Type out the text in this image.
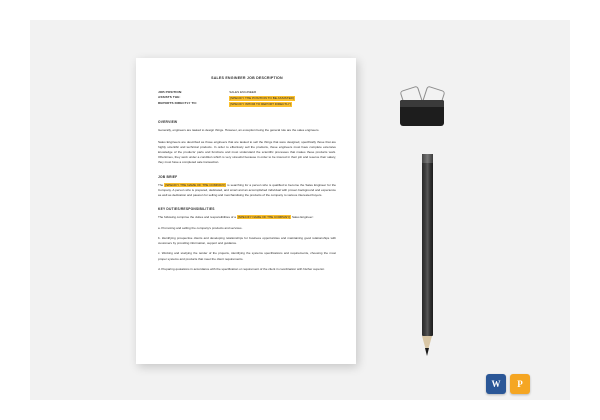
SALES ENGINEER JOB DESCRIPTION
JOB POSITION:	SALES ENGINEER
ASSISTS THE:	[SPECIFY THE POSITION TO BE ASSISTED]
REPORTS DIRECTLY TO:	[SPECIFY WHOM TO REPORT DIRECTLY]
OVERVIEW

Generally, engineers are tasked to design things. However, an exception being the general rule are the sales engineers.

Sales Engineers are described as those engineers that are tasked to sell the things that were designed, specifically those that are highly scientific and technical products. In order to effectively sell the products, these engineers must have complete extensive knowledge of the products' parts and functions and must understand the scientific processes that makes these products work. Oftentimes, they work under a condition which is very stressful because in order to be insured in their job and reserve their salary, they must have a completed sale transaction.

JOB BRIEF

The [SPECIFY THE NAME OF THE COMPANY] is searching for a person who is qualified to become the Sales Engineer for the Company. A person who is prepared, dedicated, and smart and an accomplished individual with proven background and experience as well as dedication and passion for selling and merchandising the products of the company to various interested buyers.

KEY DUTIES/RESPONSIBILITIES

The following comprise the duties and responsibilities of a [SPECIFY NAME OF THE COMPANY] Sales Engineer:

a. Promoting and selling the company's products and services.

b. Identifying prospective clients and developing relationships for business opportunities and maintaining good relationships with customers by providing information, support and guidance.

c. Working and studying the tender of the projects, identifying the systems specifications and requirements, choosing the most proper systems and products that meet the client requirements.

d. Preparing quotations in accordance with the specification or requirement of the client in coordination with his/her superior.

W	P
